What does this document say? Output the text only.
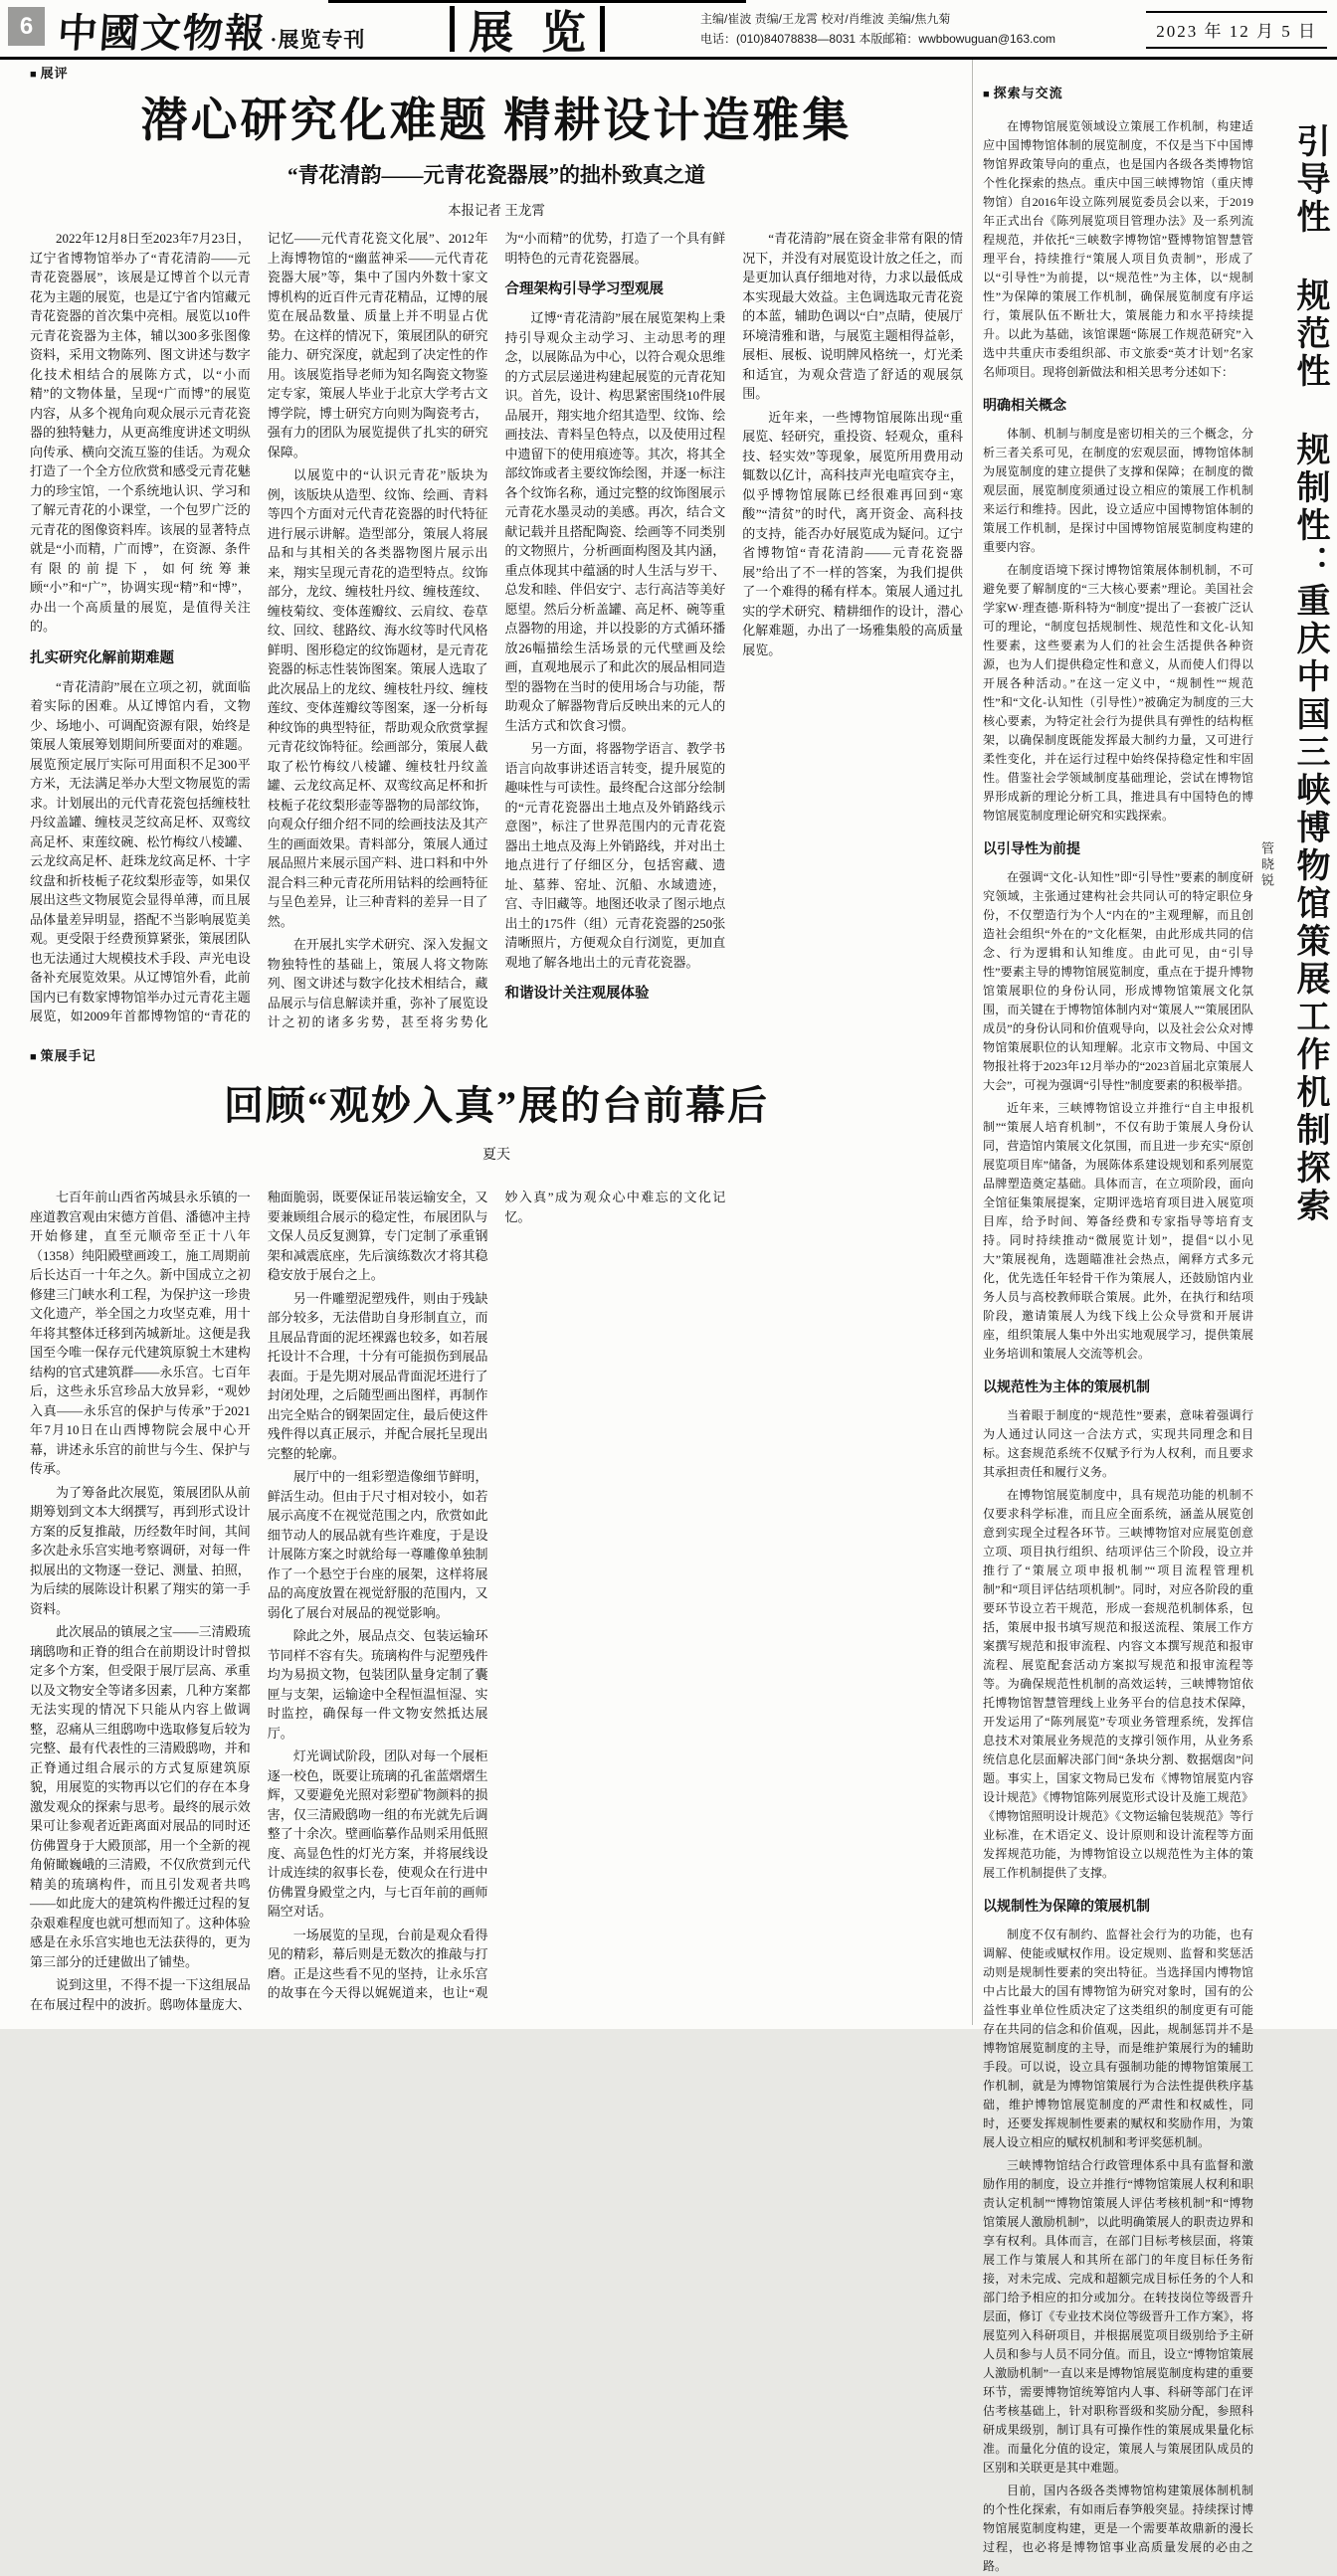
6 中國文物報·展览专刊 展 览	主编/崔波 责编/王龙霄 校对/肖维波 美编/焦九菊
电话：(010)84078838—8031 本版邮箱：wwbbowuguan@163.com	2023 年 12 月 5 日
■ 展评
潜心研究化难题 精耕设计造雅集
“青花清韵——元青花瓷器展”的拙朴致真之道
本报记者 王龙霄

2022年12月8日至2023年7月23日，辽宁省博物馆举办了“青花清韵——元青花瓷器展”，该展是辽博首个以元青花为主题的展览，也是辽宁省内馆藏元青花瓷器的首次集中亮相。展览以10件元青花瓷器为主体，辅以300多张图像资料，采用文物陈列、图文讲述与数字化技术相结合的展陈方式，以“小而精”的文物体量，呈现“广而博”的展览内容，从多个视角向观众展示元青花瓷器的独特魅力，从更高维度讲述文明纵向传承、横向交流互鉴的佳话。为观众打造了一个全方位欣赏和感受元青花魅力的珍宝馆，一个系统地认识、学习和了解元青花的小课堂，一个包罗广泛的元青花的图像资料库。该展的显著特点就是“小而精，广而博”，在资源、条件有限的前提下，如何统筹兼顾“小”和“广”，协调实现“精”和“博”，办出一个高质量的展览，是值得关注的。

扎实研究化解前期难题

“青花清韵”展在立项之初，就面临着实际的困难。从辽博馆内看，文物少、场地小、可调配资源有限，始终是策展人策展筹划期间所要面对的难题。展览预定展厅实际可用面积不足300平方米，无法满足举办大型文物展览的需求。计划展出的元代青花瓷包括缠枝牡丹纹盖罐、缠枝灵芝纹高足杯、双鸾纹高足杯、束莲纹碗、松竹梅纹八棱罐、云龙纹高足杯、赶珠龙纹高足杯、十字纹盘和折枝栀子花纹梨形壶等，如果仅展出这些文物展览会显得单薄，而且展品体量差异明显，搭配不当影响展览美观。更受限于经费预算紧张，策展团队也无法通过大规模技术手段、声光电设备补充展览效果。从辽博馆外看，此前国内已有数家博物馆举办过元青花主题展览，如2009年首都博物馆的“青花的记忆——元代青花瓷文化展”、2012年上海博物馆的“幽蓝神采——元代青花瓷器大展”等，集中了国内外数十家文博机构的近百件元青花精品，辽博的展览在展品数量、质量上并不明显占优势。在这样的情况下，策展团队的研究能力、研究深度，就起到了决定性的作用。该展览指导老师为知名陶瓷文物鉴定专家，策展人毕业于北京大学考古文博学院，博士研究方向则为陶瓷考古，强有力的团队为展览提供了扎实的研究保障。

以展览中的“认识元青花”版块为例，该版块从造型、纹饰、绘画、青料等四个方面对元代青花瓷器的时代特征进行展示讲解。造型部分，策展人将展品和与其相关的各类器物图片展示出来，翔实呈现元青花的造型特点。纹饰部分，龙纹、缠枝牡丹纹、缠枝莲纹、缠枝菊纹、变体莲瓣纹、云肩纹、卷草纹、回纹、毬路纹、海水纹等时代风格鲜明、图形稳定的纹饰题材，是元青花瓷器的标志性装饰图案。策展人选取了此次展品上的龙纹、缠枝牡丹纹、缠枝莲纹、变体莲瓣纹等图案，逐一分析每种纹饰的典型特征，帮助观众欣赏掌握元青花纹饰特征。绘画部分，策展人截取了松竹梅纹八棱罐、缠枝牡丹纹盖罐、云龙纹高足杯、双鸾纹高足杯和折枝栀子花纹梨形壶等器物的局部纹饰，向观众仔细介绍不同的绘画技法及其产生的画面效果。青料部分，策展人通过展品照片来展示国产料、进口料和中外混合料三种元青花所用钴料的绘画特征与呈色差异，让三种青料的差异一目了然。

在开展扎实学术研究、深入发掘文物独特性的基础上，策展人将文物陈列、图文讲述与数字化技术相结合，藏品展示与信息解读并重，弥补了展览设计之初的诸多劣势，甚至将劣势化为“小而精”的优势，打造了一个具有鲜明特色的元青花瓷器展。

合理架构引导学习型观展

辽博“青花清韵”展在展览架构上秉持引导观众主动学习、主动思考的理念，以展陈品为中心，以符合观众思维的方式层层递进构建起展览的元青花知识。首先，设计、构思紧密围绕10件展品展开，翔实地介绍其造型、纹饰、绘画技法、青料呈色特点，以及使用过程中遗留下的使用痕迹等。其次，将其全部纹饰或者主要纹饰绘图，并逐一标注各个纹饰名称，通过完整的纹饰图展示元青花水墨灵动的美感。再次，结合文献记载并且搭配陶瓷、绘画等不同类别的文物照片，分析画面构图及其内涵，重点体现其中蕴涵的时人生活与岁干、总发和睦、伴侣安宁、志行高洁等美好愿望。然后分析盖罐、高足杯、碗等重点器物的用途，并以投影的方式循环播放26幅描绘生活场景的元代壁画及绘画，直观地展示了和此次的展品相同造型的器物在当时的使用场合与功能，帮助观众了解器物背后反映出来的元人的生活方式和饮食习惯。

另一方面，将器物学语言、教学书语言向故事讲述语言转变，提升展览的趣味性与可读性。最终配合这部分绘制的“元青花瓷器出土地点及外销路线示意图”，标注了世界范围内的元青花瓷器出土地点及海上外销路线，并对出土地点进行了仔细区分，包括窖藏、遗址、墓葬、窑址、沉船、水域遗迹，宫、寺旧藏等。地图还收录了图示地点出土的175件（组）元青花瓷器的250张清晰照片，方便观众自行浏览，更加直观地了解各地出土的元青花瓷器。

和谐设计关注观展体验

“青花清韵”展在资金非常有限的情况下，并没有对展览设计放之任之，而是更加认真仔细地对待，力求以最低成本实现最大效益。主色调选取元青花瓷的本蓝，辅助色调以“白”点睛，使展厅环境清雅和谐，与展览主题相得益彰，展柜、展板、说明牌风格统一，灯光柔和适宜，为观众营造了舒适的观展氛围。

近年来，一些博物馆展陈出现“重展览、轻研究，重投资、轻观众，重科技、轻实效”等现象，展览所用费用动辄数以亿计，高科技声光电喧宾夺主，似乎博物馆展陈已经很难再回到“寒酸”“清贫”的时代，离开资金、高科技的支持，能否办好展览成为疑问。辽宁省博物馆“青花清韵——元青花瓷器展”给出了不一样的答案，为我们提供了一个难得的稀有样本。策展人通过扎实的学术研究、精耕细作的设计，潜心化解难题，办出了一场雅集般的高质量展览。

■ 策展手记
回顾“观妙入真”展的台前幕后
夏天

七百年前山西省芮城县永乐镇的一座道教宫观由宋德方首倡、潘德冲主持开始修建，直至元顺帝至正十八年（1358）纯阳殿壁画竣工，施工周期前后长达百一十年之久。新中国成立之初修建三门峡水利工程，为保护这一珍贵文化遗产，举全国之力攻坚克难，用十年将其整体迁移到芮城新址。这便是我国至今唯一保存元代建筑原貌土木建构结构的官式建筑群——永乐宫。七百年后，这些永乐宫珍品大放异彩，“观妙入真——永乐宫的保护与传承”于2021年7月10日在山西博物院会展中心开幕，讲述永乐宫的前世与今生、保护与传承。

为了筹备此次展览，策展团队从前期筹划到文本大纲撰写，再到形式设计方案的反复推敲，历经数年时间，其间多次赴永乐宫实地考察调研，对每一件拟展出的文物逐一登记、测量、拍照，为后续的展陈设计积累了翔实的第一手资料。

此次展品的镇展之宝——三清殿琉璃鸱吻和正脊的组合在前期设计时曾拟定多个方案，但受限于展厅层高、承重以及文物安全等诸多因素，几种方案都无法实现的情况下只能从内容上做调整，忍痛从三组鸱吻中选取修复后较为完整、最有代表性的三清殿鸱吻，并和正脊通过组合展示的方式复原建筑原貌，用展览的实物再以它们的存在本身激发观众的探索与思考。最终的展示效果可让参观者近距离面对展品的同时还仿佛置身于大殿顶部，用一个全新的视角俯瞰巍峨的三清殿，不仅欣赏到元代精美的琉璃构件，而且引发观者共鸣——如此庞大的建筑构件搬迁过程的复杂艰难程度也就可想而知了。这种体验感是在永乐宫实地也无法获得的，更为第三部分的迁建做出了铺垫。

说到这里，不得不提一下这组展品在布展过程中的波折。鸱吻体量庞大、釉面脆弱，既要保证吊装运输安全，又要兼顾组合展示的稳定性，布展团队与文保人员反复测算，专门定制了承重钢架和减震底座，先后演练数次才将其稳稳安放于展台之上。

另一件雕塑泥塑残件，则由于残缺部分较多，无法借助自身形制直立，而且展品背面的泥坯裸露也较多，如若展托设计不合理，十分有可能损伤到展品表面。于是先期对展品背面泥坯进行了封闭处理，之后随型画出图样，再制作出完全贴合的钢架固定住，最后使这件残件得以真正展示，并配合展托呈现出完整的轮廓。

展厅中的一组彩塑造像细节鲜明，鲜活生动。但由于尺寸相对较小，如若展示高度不在视觉范围之内，欣赏如此细节动人的展品就有些许难度，于是设计展陈方案之时就给每一尊雕像单独制作了一个悬空于台座的展架，这样将展品的高度放置在视觉舒服的范围内，又弱化了展台对展品的视觉影响。

除此之外，展品点交、包装运输环节同样不容有失。琉璃构件与泥塑残件均为易损文物，包装团队量身定制了囊匣与支架，运输途中全程恒温恒湿、实时监控，确保每一件文物安然抵达展厅。

灯光调试阶段，团队对每一个展柜逐一校色，既要让琉璃的孔雀蓝熠熠生辉，又要避免光照对彩塑矿物颜料的损害，仅三清殿鸱吻一组的布光就先后调整了十余次。壁画临摹作品则采用低照度、高显色性的灯光方案，并将展线设计成连续的叙事长卷，使观众在行进中仿佛置身殿堂之内，与七百年前的画师隔空对话。

一场展览的呈现，台前是观众看得见的精彩，幕后则是无数次的推敲与打磨。正是这些看不见的坚持，让永乐宫的故事在今天得以娓娓道来，也让“观妙入真”成为观众心中难忘的文化记忆。

■ 探索与交流

在博物馆展览领域设立策展工作机制，构建适应中国博物馆体制的展览制度，不仅是当下中国博物馆界政策导向的重点，也是国内各级各类博物馆个性化探索的热点。重庆中国三峡博物馆（重庆博物馆）自2016年设立陈列展览委员会以来，于2019年正式出台《陈列展览项目管理办法》及一系列流程规范，并依托“三峡数字博物馆”暨博物馆智慧管理平台，持续推行“策展人项目负责制”，形成了以“引导性”为前提，以“规范性”为主体，以“规制性”为保障的策展工作机制，确保展览制度有序运行，策展队伍不断壮大，策展能力和水平持续提升。以此为基础，该馆课题“陈展工作规范研究”入选中共重庆市委组织部、市文旅委“英才计划”名家名师项目。现将创新做法和相关思考分述如下：

明确相关概念

体制、机制与制度是密切相关的三个概念，分析三者关系可见，在制度的宏观层面，博物馆体制为展览制度的建立提供了支撑和保障；在制度的微观层面，展览制度须通过设立相应的策展工作机制来运行和维持。因此，设立适应中国博物馆体制的策展工作机制，是探讨中国博物馆展览制度构建的重要内容。

在制度语境下探讨博物馆策展体制机制，不可避免要了解制度的“三大核心要素”理论。美国社会学家W·理查德·斯科特为“制度”提出了一套被广泛认可的理论，“制度包括规制性、规范性和文化-认知性要素，这些要素为人们的社会生活提供各种资源，也为人们提供稳定性和意义，从而使人们得以开展各种活动。”在这一定义中，“规制性”“规范性”和“文化-认知性（引导性）”被确定为制度的三大核心要素，为特定社会行为提供具有弹性的结构框架，以确保制度既能发挥最大制约力量，又可进行柔性变化，并在运行过程中始终保持稳定性和牢固性。借鉴社会学领域制度基础理论，尝试在博物馆界形成新的理论分析工具，推进具有中国特色的博物馆展览制度理论研究和实践探索。

以引导性为前提

在强调“文化-认知性”即“引导性”要素的制度研究领域，主张通过建构社会共同认可的特定职位身份，不仅塑造行为个人“内在的”主观理解，而且创造社会组织“外在的”文化框架，由此形成共同的信念、行为逻辑和认知维度。由此可见，由“引导性”要素主导的博物馆展览制度，重点在于提升博物馆策展职位的身份认同，形成博物馆策展文化氛围，而关键在于博物馆体制内对“策展人”“策展团队成员”的身份认同和价值观导向，以及社会公众对博物馆策展职位的认知理解。北京市文物局、中国文物报社将于2023年12月举办的“2023首届北京策展人大会”，可视为强调“引导性”制度要素的积极举措。

近年来，三峡博物馆设立并推行“自主申报机制”“策展人培育机制”，不仅有助于策展人身份认同，营造馆内策展文化氛围，而且进一步充实“原创展览项目库”储备，为展陈体系建设规划和系列展览品牌塑造奠定基础。具体而言，在立项阶段，面向全馆征集策展提案，定期评选培育项目进入展览项目库，给予时间、筹备经费和专家指导等培育支持。同时持续推动“微展览计划”，提倡“以小见大”策展视角，选题瞄准社会热点，阐释方式多元化，优先选任年轻骨干作为策展人，还鼓励馆内业务人员与高校教师联合策展。此外，在执行和结项阶段，邀请策展人为线下线上公众导赏和开展讲座，组织策展人集中外出实地观展学习，提供策展业务培训和策展人交流等机会。

以规范性为主体的策展机制

当着眼于制度的“规范性”要素，意味着强调行为人通过认同这一合法方式，实现共同理念和目标。这套规范系统不仅赋予行为人权利，而且要求其承担责任和履行义务。

在博物馆展览制度中，具有规范功能的机制不仅要求科学标准，而且应全面系统，涵盖从展览创意到实现全过程各环节。三峡博物馆对应展览创意立项、项目执行组织、结项评估三个阶段，设立并推行了“策展立项申报机制”“项目流程管理机制”和“项目评估结项机制”。同时，对应各阶段的重要环节设立若干规范，形成一套规范机制体系，包括，策展申报书填写规范和报送流程、策展工作方案撰写规范和报审流程、内容文本撰写规范和报审流程、展览配套活动方案拟写规范和报审流程等等。为确保规范性机制的高效运转，三峡博物馆依托博物馆智慧管理线上业务平台的信息技术保障，开发运用了“陈列展览”专项业务管理系统，发挥信息技术对策展业务规范的支撑引领作用，从业务系统信息化层面解决部门间“条块分割、数据烟囱”问题。事实上，国家文物局已发布《博物馆展览内容设计规范》《博物馆陈列展览形式设计及施工规范》《博物馆照明设计规范》《文物运输包装规范》等行业标准，在术语定义、设计原则和设计流程等方面发挥规范功能，为博物馆设立以规范性为主体的策展工作机制提供了支撑。

以规制性为保障的策展机制

制度不仅有制约、监督社会行为的功能，也有调解、使能或赋权作用。设定规则、监督和奖惩活动则是规制性要素的突出特征。当选择国内博物馆中占比最大的国有博物馆为研究对象时，国有的公益性事业单位性质决定了这类组织的制度更有可能存在共同的信念和价值观，因此，规制惩罚并不是博物馆展览制度的主导，而是维护策展行为的辅助手段。可以说，设立具有强制功能的博物馆策展工作机制，就是为博物馆策展行为合法性提供秩序基础，维护博物馆展览制度的严肃性和权威性，同时，还要发挥规制性要素的赋权和奖励作用，为策展人设立相应的赋权机制和考评奖惩机制。

三峡博物馆结合行政管理体系中具有监督和激励作用的制度，设立并推行“博物馆策展人权利和职责认定机制”“博物馆策展人评估考核机制”和“博物馆策展人激励机制”，以此明确策展人的职责边界和享有权利。具体而言，在部门目标考核层面，将策展工作与策展人和其所在部门的年度目标任务衔接，对未完成、完成和超额完成目标任务的个人和部门给予相应的扣分或加分。在转技岗位等级晋升层面，修订《专业技术岗位等级晋升工作方案》，将展览列入科研项目，并根据展览项目级别给予主研人员和参与人员不同分值。而且，设立“博物馆策展人激励机制”一直以来是博物馆展览制度构建的重要环节，需要博物馆统筹馆内人事、科研等部门在评估考核基础上，针对职称晋级和奖励分配，参照科研成果级别，制订具有可操作性的策展成果量化标准。而量化分值的设定，策展人与策展团队成员的区别和关联更是其中难题。

目前，国内各级各类博物馆构建策展体制机制的个性化探索，有如雨后春笋般突显。持续探讨博物馆展览制度构建，更是一个需要革故鼎新的漫长过程，也必将是博物馆事业高质量发展的必由之路。

引导性 规范性 规制性：重庆中国三峡博物馆策展工作机制探索
管晓锐
